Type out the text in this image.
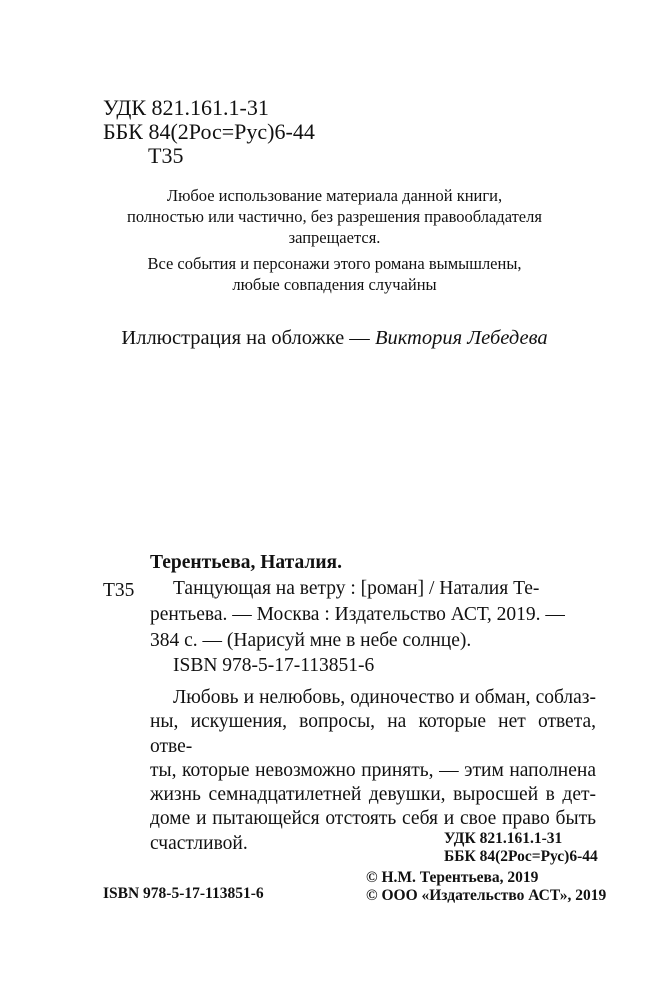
УДК 821.161.1-31
ББК 84(2Рос=Рус)6-44
Т35
Любое использование материала данной книги,
полностью или частично, без разрешения правообладателя
запрещается.
Все события и персонажи этого романа вымышлены,
любые совпадения случайны
Иллюстрация на обложке — Виктория Лебедева
Терентьева, Наталия.
Т35	Танцующая на ветру : [роман] / Наталия Те-
рентьева. — Москва : Издательство АСТ, 2019. —
384 с. — (Нарисуй мне в небе солнце).
ISBN 978-5-17-113851-6
Любовь и нелюбовь, одиночество и обман, соблаз-
ны, искушения, вопросы, на которые нет ответа, отве-
ты, которые невозможно принять, — этим наполнена
жизнь семнадцатилетней девушки, выросшей в дет-
доме и пытающейся отстоять себя и свое право быть
счастливой.	УДК 821.161.1-31
ББК 84(2Рос=Рус)6-44
© Н.М. Терентьева, 2019
© ООО «Издательство АСТ», 2019
ISBN 978-5-17-113851-6
